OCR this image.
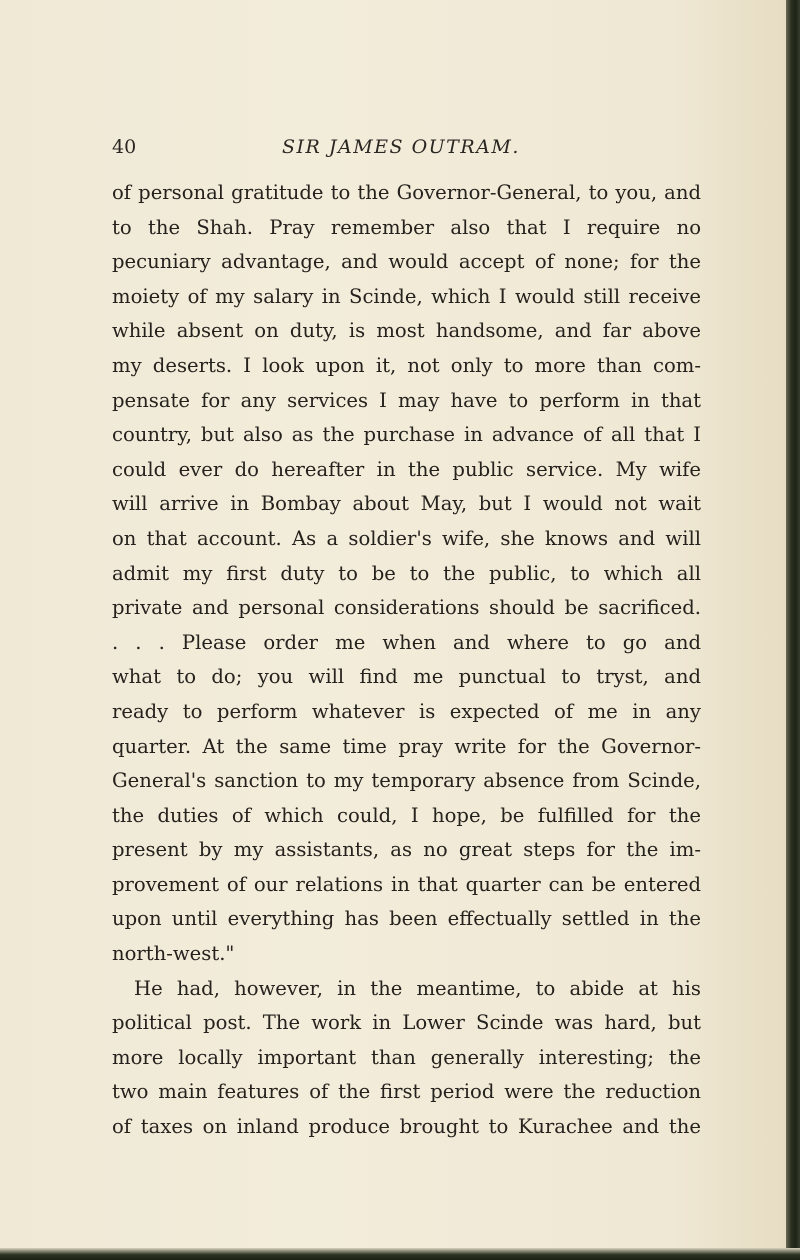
40	SIR JAMES OUTRAM.
of personal gratitude to the Governor-General, to you, and
to the Shah. Pray remember also that I require no
pecuniary advantage, and would accept of none; for the
moiety of my salary in Scinde, which I would still receive
while absent on duty, is most handsome, and far above
my deserts. I look upon it, not only to more than com-
pensate for any services I may have to perform in that
country, but also as the purchase in advance of all that I
could ever do hereafter in the public service. My wife
will arrive in Bombay about May, but I would not wait
on that account. As a soldier's wife, she knows and will
admit my first duty to be to the public, to which all
private and personal considerations should be sacrificed.
. . . Please order me when and where to go and
what to do; you will find me punctual to tryst, and
ready to perform whatever is expected of me in any
quarter. At the same time pray write for the Governor-
General's sanction to my temporary absence from Scinde,
the duties of which could, I hope, be fulfilled for the
present by my assistants, as no great steps for the im-
provement of our relations in that quarter can be entered
upon until everything has been effectually settled in the
north-west."
He had, however, in the meantime, to abide at his
political post. The work in Lower Scinde was hard, but
more locally important than generally interesting; the
two main features of the first period were the reduction
of taxes on inland produce brought to Kurachee and the
